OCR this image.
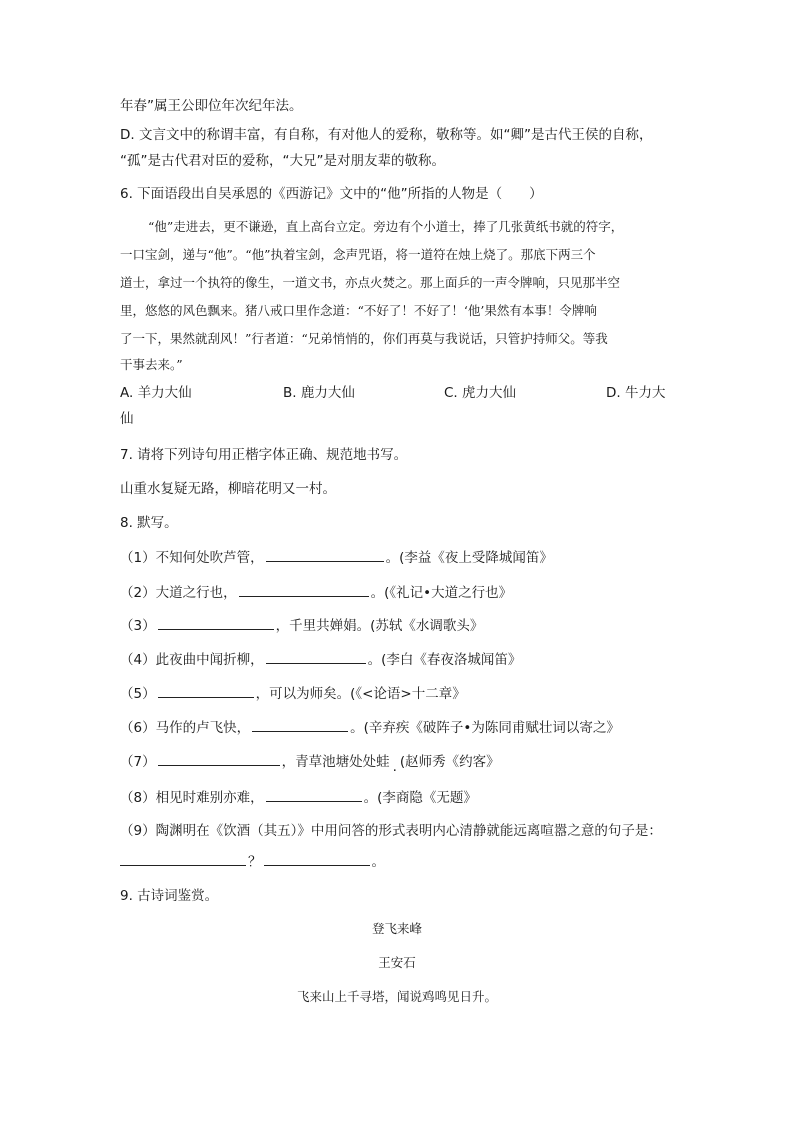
年春”属王公即位年次纪年法。
D. 文言文中的称谓丰富，有自称，有对他人的爱称，敬称等。如“卿”是古代王侯的自称，
“孤”是古代君对臣的爱称，“大兄”是对朋友辈的敬称。
6. 下面语段出自吴承恩的《西游记》文中的“他”所指的人物是（　　）
“他”走进去，更不谦逊，直上高台立定。旁边有个小道士，捧了几张黄纸书就的符字，
一口宝剑，递与“他”。“他”执着宝剑，念声咒语，将一道符在烛上烧了。那底下两三个
道士，拿过一个执符的像生，一道文书，亦点火焚之。那上面乒的一声令牌响，只见那半空
里，悠悠的风色飘来。猪八戒口里作念道：“不好了！不好了！‘他’果然有本事！令牌响
了一下，果然就刮风！”行者道：“兄弟悄悄的，你们再莫与我说话，只管护持师父。等我
干事去来。”
A. 羊力大仙	B. 鹿力大仙	C. 虎力大仙	D. 牛力大
仙
7. 请将下列诗句用正楷字体正确、规范地书写。
山重水复疑无路，柳暗花明又一村。
8. 默写。
（1）不知何处吹芦管，	。(李益《夜上受降城闻笛》
（2）大道之行也，	。(《礼记•大道之行也》
（3）	，千里共婵娟。(苏轼《水调歌头》
（4）此夜曲中闻折柳，	。(李白《春夜洛城闻笛》
（5）	，可以为师矣。(《<论语>十二章》
（6）马作的卢飞快，	。(辛弃疾《破阵子•为陈同甫赋壮词以寄之》
（7）	，青草池塘处处蛙 . (赵师秀《约客》
（8）相见时难别亦难，	。(李商隐《无题》
（9）陶渊明在《饮酒（其五）》中用问答的形式表明内心清静就能远离喧嚣之意的句子是：
？	。
9. 古诗词鉴赏。
登飞来峰
王安石
飞来山上千寻塔，闻说鸡鸣见日升。
